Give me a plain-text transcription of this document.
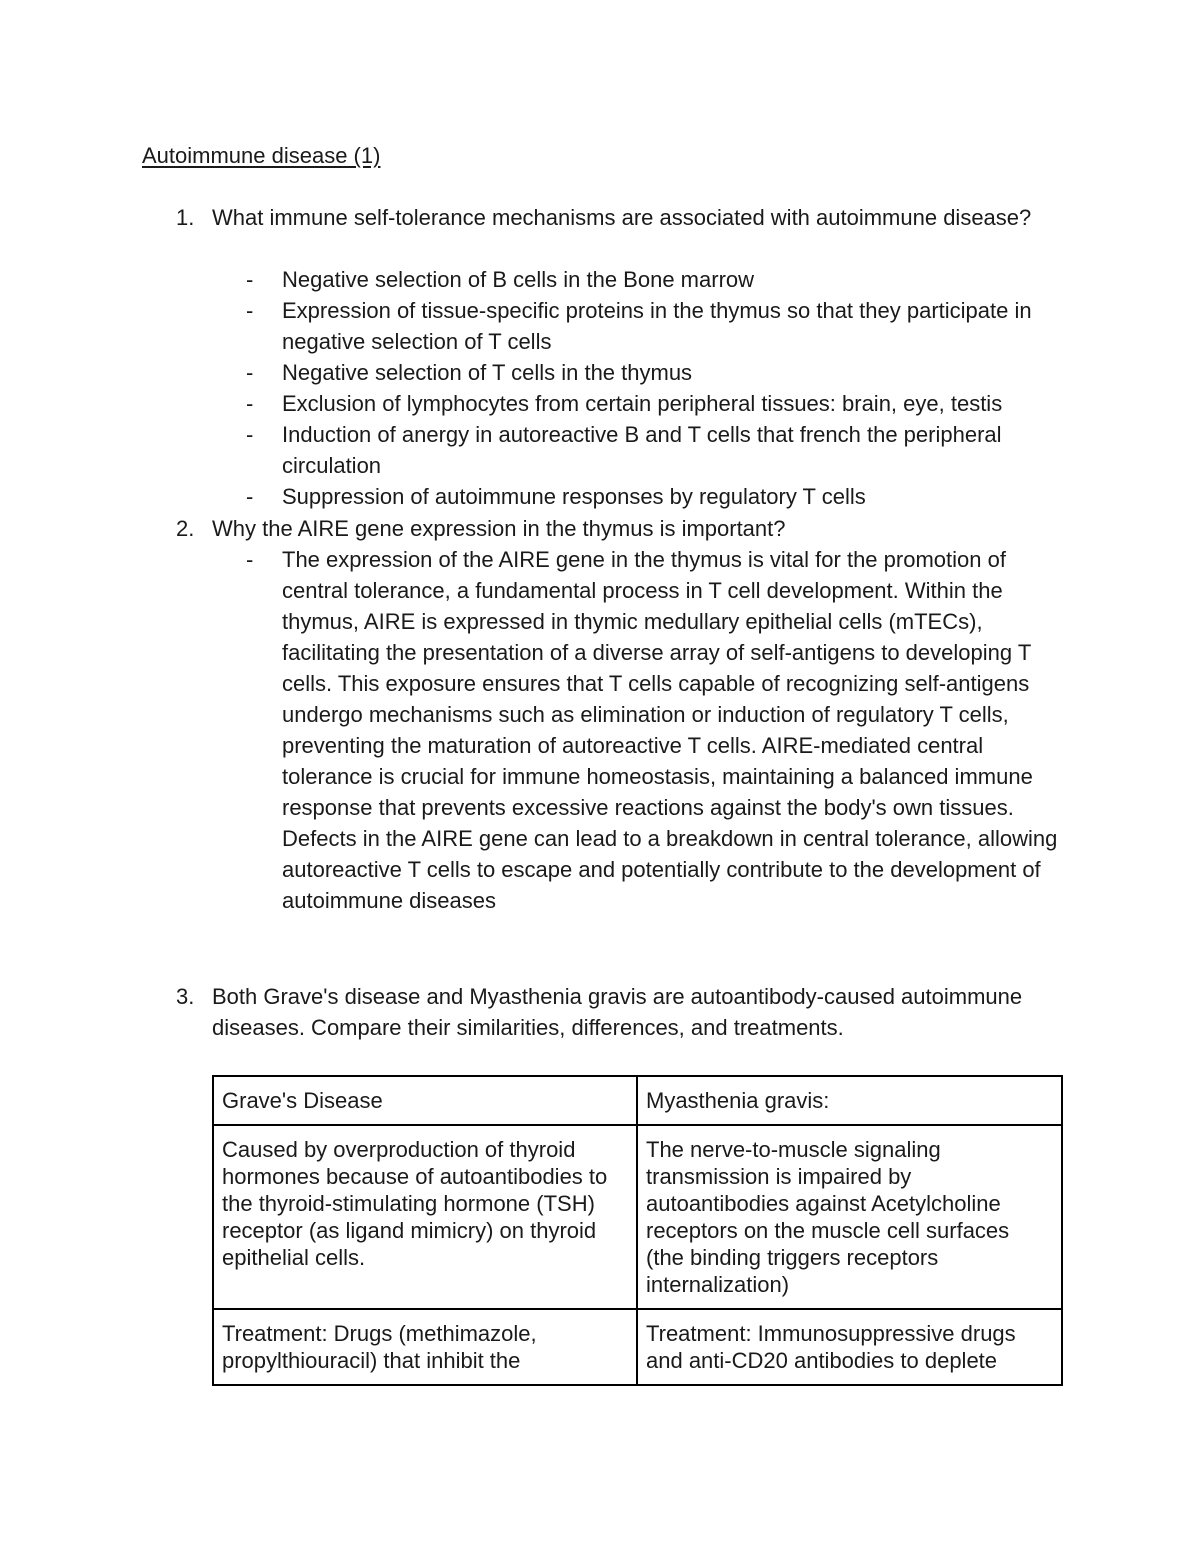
Autoimmune disease (1)
1. What immune self-tolerance mechanisms are associated with autoimmune disease?
- Negative selection of B cells in the Bone marrow
- Expression of tissue-specific proteins in the thymus so that they participate in negative selection of T cells
- Negative selection of T cells in the thymus
- Exclusion of lymphocytes from certain peripheral tissues: brain, eye, testis
- Induction of anergy in autoreactive B and T cells that french the peripheral circulation
- Suppression of autoimmune responses by regulatory T cells
2. Why the AIRE gene expression in the thymus is important?
- The expression of the AIRE gene in the thymus is vital for the promotion of central tolerance, a fundamental process in T cell development. Within the thymus, AIRE is expressed in thymic medullary epithelial cells (mTECs), facilitating the presentation of a diverse array of self-antigens to developing T cells. This exposure ensures that T cells capable of recognizing self-antigens undergo mechanisms such as elimination or induction of regulatory T cells, preventing the maturation of autoreactive T cells. AIRE-mediated central tolerance is crucial for immune homeostasis, maintaining a balanced immune response that prevents excessive reactions against the body's own tissues. Defects in the AIRE gene can lead to a breakdown in central tolerance, allowing autoreactive T cells to escape and potentially contribute to the development of autoimmune diseases
3. Both Grave's disease and Myasthenia gravis are autoantibody-caused autoimmune diseases. Compare their similarities, differences, and treatments.
Grave's Disease	Myasthenia gravis:
Caused by overproduction of thyroid hormones because of autoantibodies to the thyroid-stimulating hormone (TSH) receptor (as ligand mimicry) on thyroid epithelial cells.	The nerve-to-muscle signaling transmission is impaired by autoantibodies against Acetylcholine receptors on the muscle cell surfaces (the binding triggers receptors internalization)
Treatment: Drugs (methimazole, propylthiouracil) that inhibit the	Treatment: Immunosuppressive drugs and anti-CD20 antibodies to deplete
